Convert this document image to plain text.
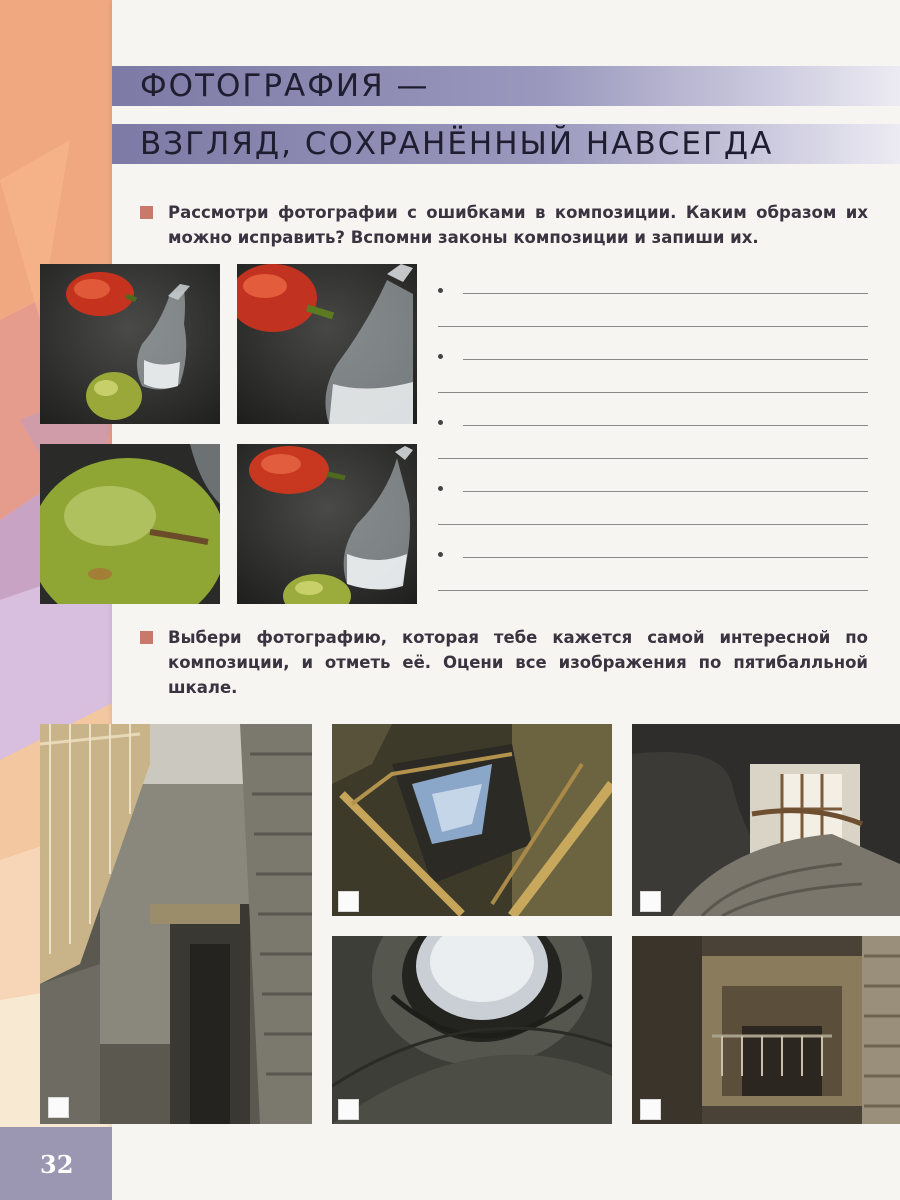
ФОТОГРАФИЯ —
ВЗГЛЯД, СОХРАНЁННЫЙ НАВСЕГДА
Рассмотри фотографии с ошибками в композиции. Каким образом их можно исправить? Вспомни законы композиции и запиши их.
Выбери фотографию, которая тебе кажется самой интересной по композиции, и отметь её. Оцени все изображения по пятибалльной шкале.
32
